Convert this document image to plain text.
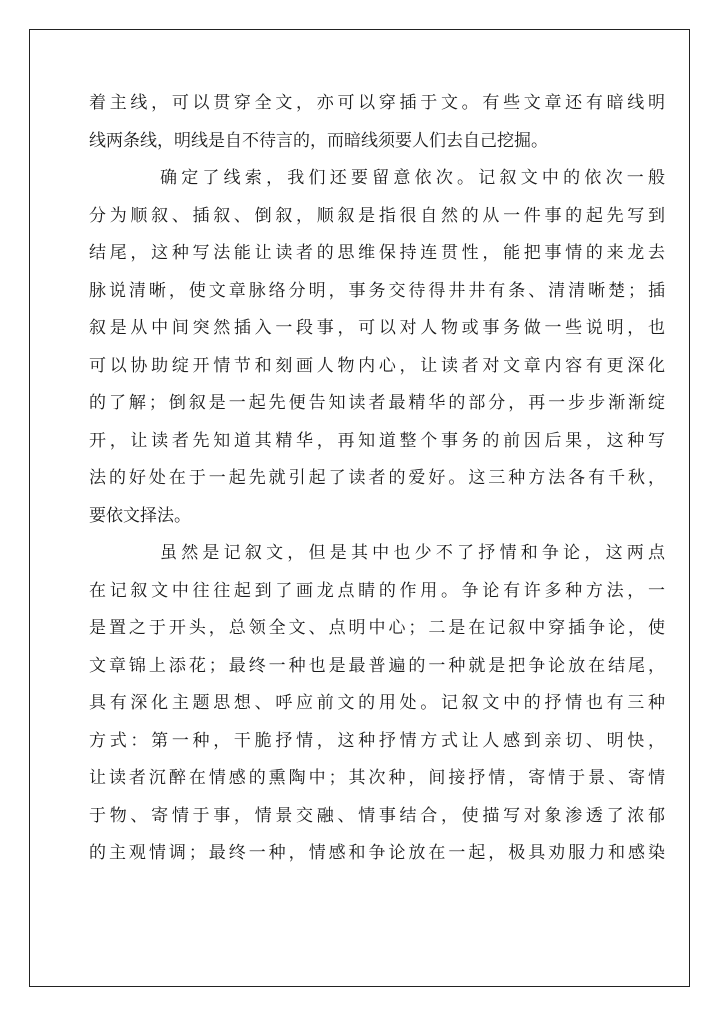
着主线，可以贯穿全文，亦可以穿插于文。有些文章还有暗线明
线两条线，明线是自不待言的，而暗线须要人们去自己挖掘。
确定了线索，我们还要留意依次。记叙文中的依次一般
分为顺叙、插叙、倒叙，顺叙是指很自然的从一件事的起先写到
结尾，这种写法能让读者的思维保持连贯性，能把事情的来龙去
脉说清晰，使文章脉络分明，事务交待得井井有条、清清晰楚；插
叙是从中间突然插入一段事，可以对人物或事务做一些说明，也
可以协助绽开情节和刻画人物内心，让读者对文章内容有更深化
的了解；倒叙是一起先便告知读者最精华的部分，再一步步渐渐绽
开，让读者先知道其精华，再知道整个事务的前因后果，这种写
法的好处在于一起先就引起了读者的爱好。这三种方法各有千秋，
要依文择法。
虽然是记叙文，但是其中也少不了抒情和争论，这两点
在记叙文中往往起到了画龙点睛的作用。争论有许多种方法，一
是置之于开头，总领全文、点明中心；二是在记叙中穿插争论，使
文章锦上添花；最终一种也是最普遍的一种就是把争论放在结尾，
具有深化主题思想、呼应前文的用处。记叙文中的抒情也有三种
方式：第一种，干脆抒情，这种抒情方式让人感到亲切、明快，
让读者沉醉在情感的熏陶中；其次种，间接抒情，寄情于景、寄情
于物、寄情于事，情景交融、情事结合，使描写对象渗透了浓郁
的主观情调；最终一种，情感和争论放在一起，极具劝服力和感染
